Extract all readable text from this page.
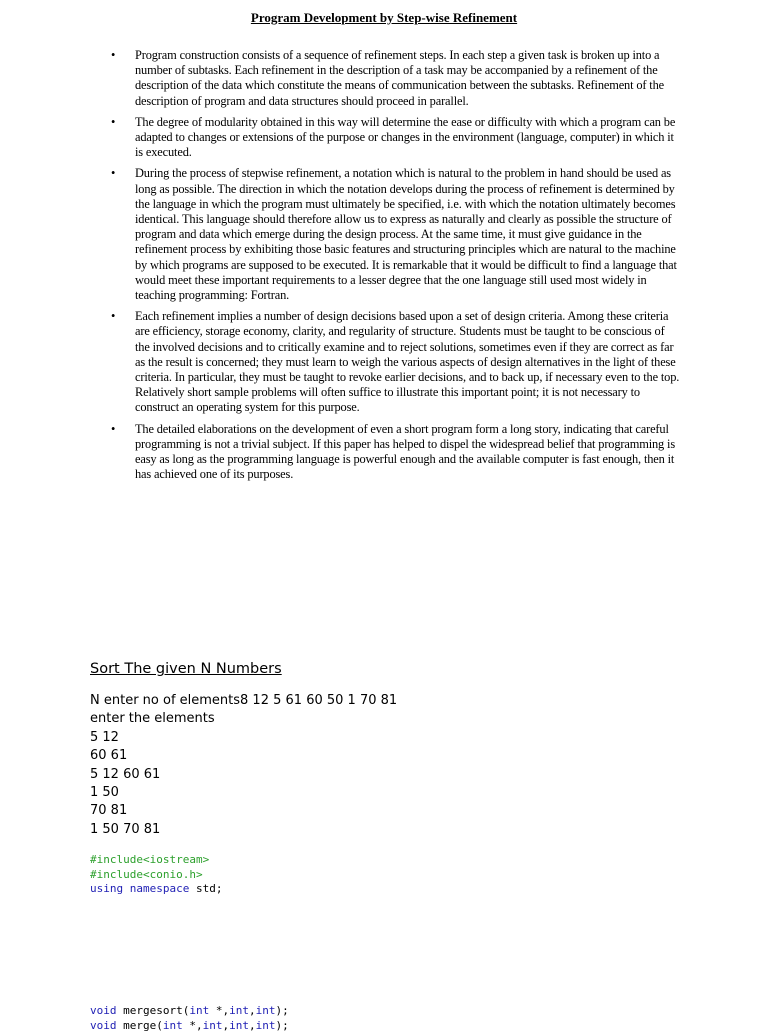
Program Development by Step-wise Refinement
• Program construction consists of a sequence of refinement steps. In each step a given task is broken up into a number of subtasks. Each refinement in the description of a task may be accompanied by a refinement of the description of the data which constitute the means of communication between the subtasks. Refinement of the description of program and data structures should proceed in parallel.
• The degree of modularity obtained in this way will determine the ease or difficulty with which a program can be adapted to changes or extensions of the purpose or changes in the environment (language, computer) in which it is executed.
• During the process of stepwise refinement, a notation which is natural to the problem in hand should be used as long as possible. The direction in which the notation develops during the process of refinement is determined by the language in which the program must ultimately be specified, i.e. with which the notation ultimately becomes identical. This language should therefore allow us to express as naturally and clearly as possible the structure of program and data which emerge during the design process. At the same time, it must give guidance in the refinement process by exhibiting those basic features and structuring principles which are natural to the machine by which programs are supposed to be executed. It is remarkable that it would be difficult to find a language that would meet these important requirements to a lesser degree that the one language still used most widely in teaching programming: Fortran.
• Each refinement implies a number of design decisions based upon a set of design criteria. Among these criteria are efficiency, storage economy, clarity, and regularity of structure. Students must be taught to be conscious of the involved decisions and to critically examine and to reject solutions, sometimes even if they are correct as far as the result is concerned; they must learn to weigh the various aspects of design alternatives in the light of these criteria. In particular, they must be taught to revoke earlier decisions, and to back up, if necessary even to the top. Relatively short sample problems will often suffice to illustrate this important point; it is not necessary to construct an operating system for this purpose.
• The detailed elaborations on the development of even a short program form a long story, indicating that careful programming is not a trivial subject. If this paper has helped to dispel the widespread belief that programming is easy as long as the programming language is powerful enough and the available computer is fast enough, then it has achieved one of its purposes.
Sort The given N Numbers
N enter no of elements8 12 5 61 60 50 1 70 81
enter the elements
5 12
60 61
5 12 60 61
1 50
70 81
1 50 70 81
#include<iostream>
#include<conio.h>
using namespace std;
void mergesort(int *,int,int);
void merge(int *,int,int,int);
